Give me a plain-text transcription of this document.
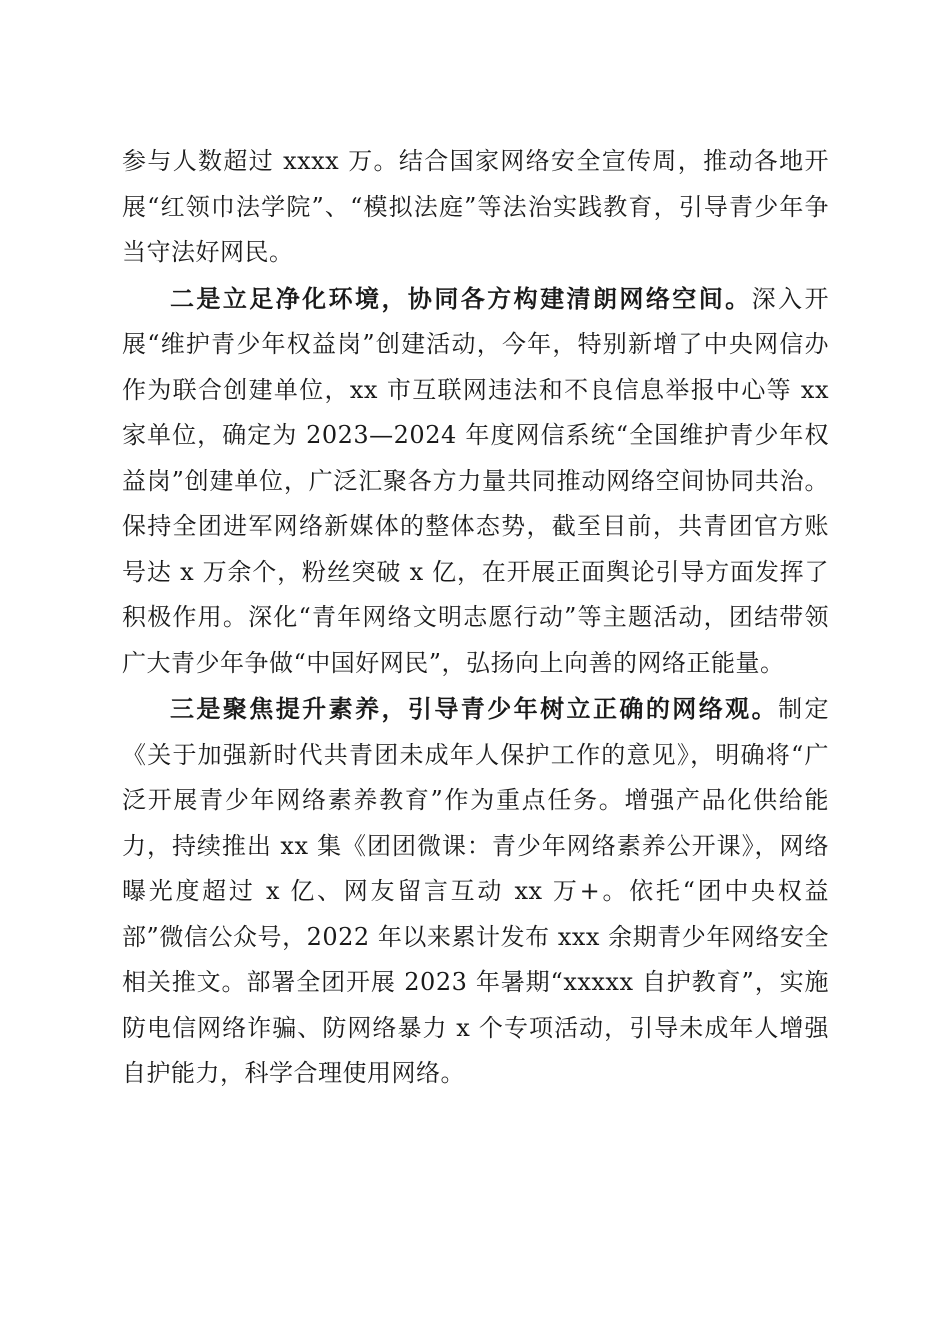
参与人数超过 xxxx 万。结合国家网络安全宣传周，推动各地开展“红领巾法学院”、“模拟法庭”等法治实践教育，引导青少年争当守法好网民。

二是立足净化环境，协同各方构建清朗网络空间。深入开展“维护青少年权益岗”创建活动，今年，特别新增了中央网信办作为联合创建单位，xx 市互联网违法和不良信息举报中心等 xx 家单位，确定为 2023—2024 年度网信系统“全国维护青少年权益岗”创建单位，广泛汇聚各方力量共同推动网络空间协同共治。保持全团进军网络新媒体的整体态势，截至目前，共青团官方账号达 x 万余个，粉丝突破 x 亿，在开展正面舆论引导方面发挥了积极作用。深化“青年网络文明志愿行动”等主题活动，团结带领广大青少年争做“中国好网民”，弘扬向上向善的网络正能量。

三是聚焦提升素养，引导青少年树立正确的网络观。制定《关于加强新时代共青团未成年人保护工作的意见》，明确将“广泛开展青少年网络素养教育”作为重点任务。增强产品化供给能力，持续推出 xx 集《团团微课：青少年网络素养公开课》，网络曝光度超过 x 亿、网友留言互动 xx 万+。依托“团中央权益部”微信公众号，2022 年以来累计发布 xxx 余期青少年网络安全相关推文。部署全团开展 2023 年暑期“xxxxx 自护教育”，实施防电信网络诈骗、防网络暴力 x 个专项活动，引导未成年人增强自护能力，科学合理使用网络。
